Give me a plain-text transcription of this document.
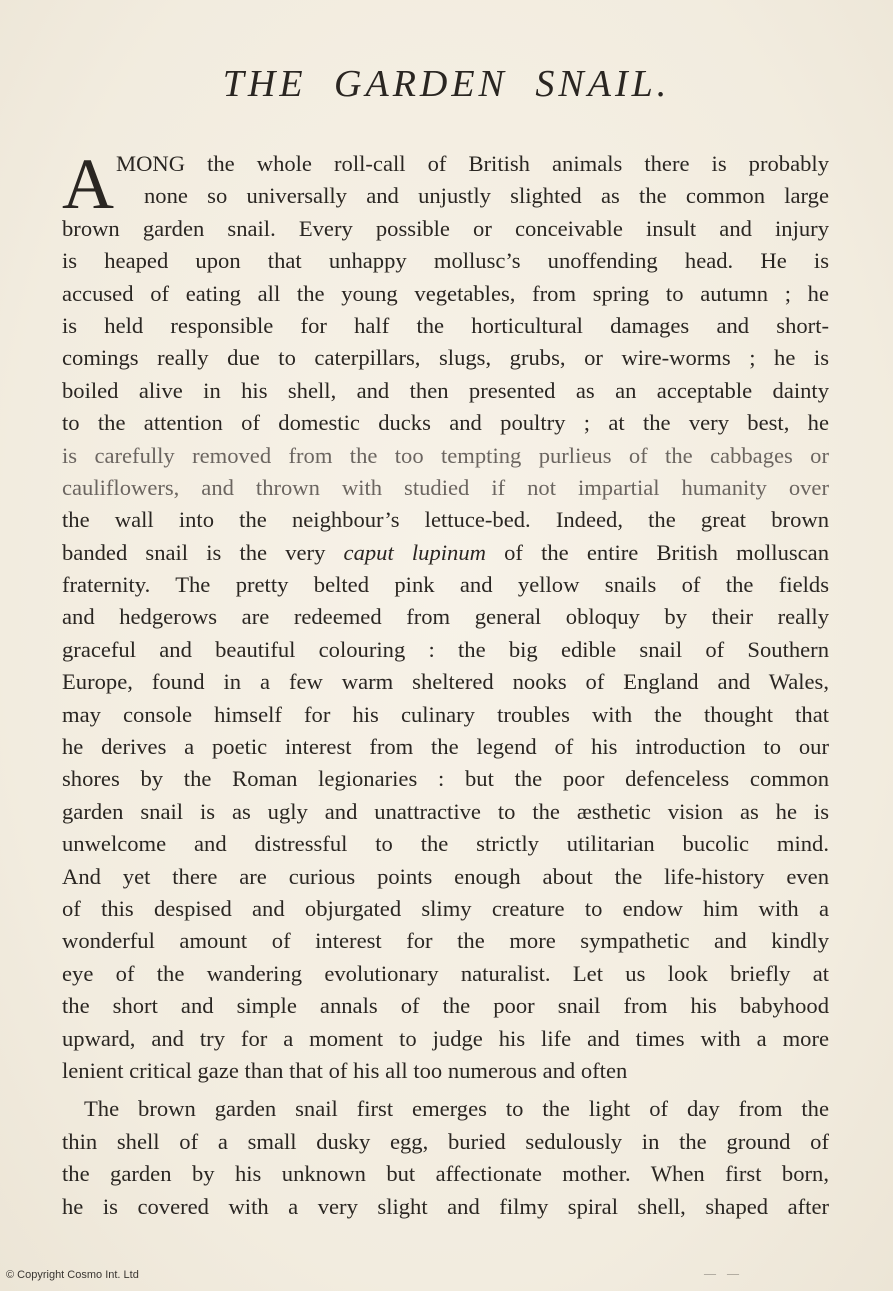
THE GARDEN SNAIL.
A MONG the whole roll-call of British animals there is probably
none so universally and unjustly slighted as the common large
brown garden snail. Every possible or conceivable insult and injury
is heaped upon that unhappy mollusc’s unoffending head. He is
accused of eating all the young vegetables, from spring to autumn ; he
is held responsible for half the horticultural damages and short-
comings really due to caterpillars, slugs, grubs, or wire-worms ; he is
boiled alive in his shell, and then presented as an acceptable dainty
to the attention of domestic ducks and poultry ; at the very best, he
is carefully removed from the too tempting purlieus of the cabbages or
cauliflowers, and thrown with studied if not impartial humanity over
the wall into the neighbour’s lettuce-bed. Indeed, the great brown
banded snail is the very caput lupinum of the entire British molluscan
fraternity. The pretty belted pink and yellow snails of the fields
and hedgerows are redeemed from general obloquy by their really
graceful and beautiful colouring : the big edible snail of Southern
Europe, found in a few warm sheltered nooks of England and Wales,
may console himself for his culinary troubles with the thought that
he derives a poetic interest from the legend of his introduction to our
shores by the Roman legionaries : but the poor defenceless common
garden snail is as ugly and unattractive to the æsthetic vision as he is
unwelcome and distressful to the strictly utilitarian bucolic mind.
And yet there are curious points enough about the life-history even
of this despised and objurgated slimy creature to endow him with a
wonderful amount of interest for the more sympathetic and kindly
eye of the wandering evolutionary naturalist. Let us look briefly at
the short and simple annals of the poor snail from his babyhood
upward, and try for a moment to judge his life and times with a more
lenient critical gaze than that of his all too numerous and often
The brown garden snail first emerges to the light of day from the
thin shell of a small dusky egg, buried sedulously in the ground of
the garden by his unknown but affectionate mother. When first born,
he is covered with a very slight and filmy spiral shell, shaped after
© Copyright Cosmo Int. Ltd	— —
